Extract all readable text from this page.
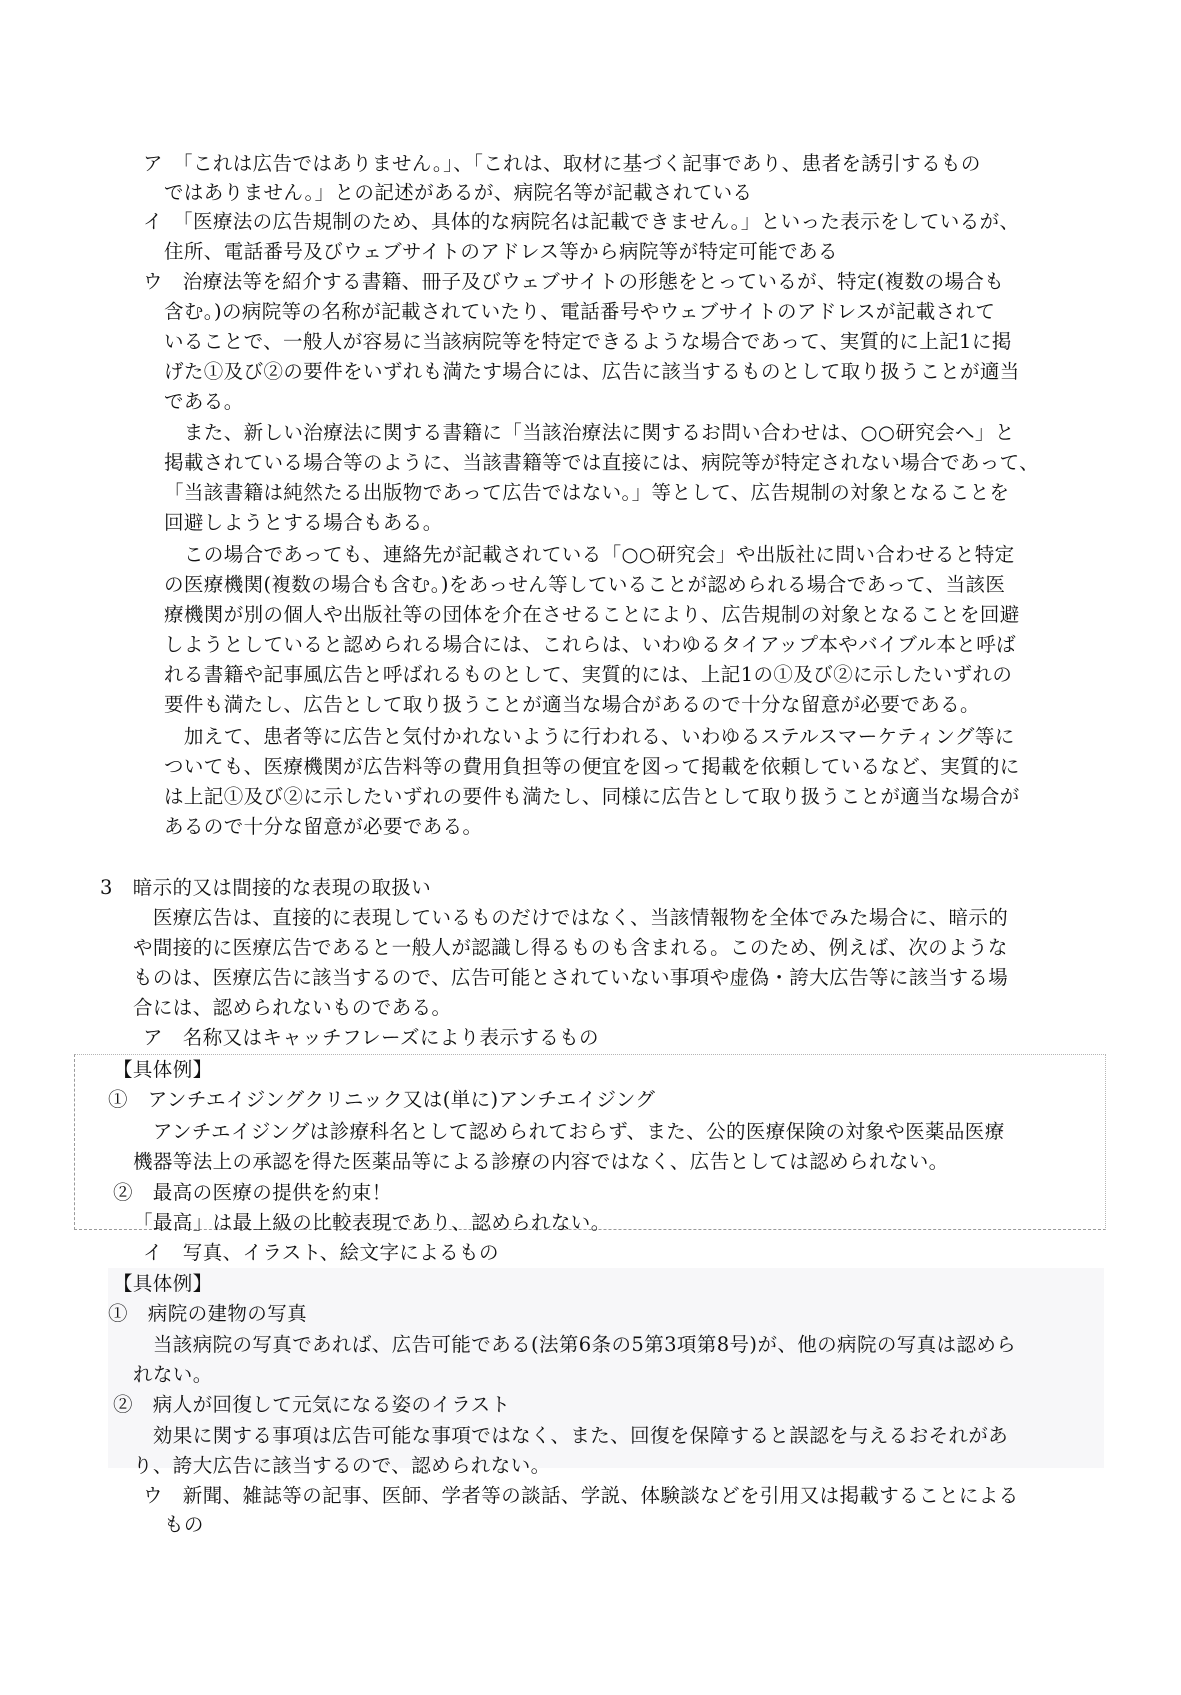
ア　「これは広告ではありません。」、「これは、取材に基づく記事であり、患者を誘引するもの

ではありません。」との記述があるが、病院名等が記載されている

イ　「医療法の広告規制のため、具体的な病院名は記載できません。」といった表示をしているが、

住所、電話番号及びウェブサイトのアドレス等から病院等が特定可能である

ウ　治療法等を紹介する書籍、冊子及びウェブサイトの形態をとっているが、特定(複数の場合も

含む。)の病院等の名称が記載されていたり、電話番号やウェブサイトのアドレスが記載されて

いることで、一般人が容易に当該病院等を特定できるような場合であって、実質的に上記1に掲

げた①及び②の要件をいずれも満たす場合には、広告に該当するものとして取り扱うことが適当

である。

　また、新しい治療法に関する書籍に「当該治療法に関するお問い合わせは、○○研究会へ」と

掲載されている場合等のように、当該書籍等では直接には、病院等が特定されない場合であって、

「当該書籍は純然たる出版物であって広告ではない。」等として、広告規制の対象となることを

回避しようとする場合もある。

　この場合であっても、連絡先が記載されている「○○研究会」や出版社に問い合わせると特定

の医療機関(複数の場合も含む。)をあっせん等していることが認められる場合であって、当該医

療機関が別の個人や出版社等の団体を介在させることにより、広告規制の対象となることを回避

しようとしていると認められる場合には、これらは、いわゆるタイアップ本やバイブル本と呼ば

れる書籍や記事風広告と呼ばれるものとして、実質的には、上記1の①及び②に示したいずれの

要件も満たし、広告として取り扱うことが適当な場合があるので十分な留意が必要である。

　加えて、患者等に広告と気付かれないように行われる、いわゆるステルスマーケティング等に

ついても、医療機関が広告料等の費用負担等の便宜を図って掲載を依頼しているなど、実質的に

は上記①及び②に示したいずれの要件も満たし、同様に広告として取り扱うことが適当な場合が

あるので十分な留意が必要である。

3　暗示的又は間接的な表現の取扱い

　医療広告は、直接的に表現しているものだけではなく、当該情報物を全体でみた場合に、暗示的

や間接的に医療広告であると一般人が認識し得るものも含まれる。このため、例えば、次のような

ものは、医療広告に該当するので、広告可能とされていない事項や虚偽・誇大広告等に該当する場

合には、認められないものである。

ア　名称又はキャッチフレーズにより表示するもの

【具体例】

①　アンチエイジングクリニック又は(単に)アンチエイジング

　アンチエイジングは診療科名として認められておらず、また、公的医療保険の対象や医薬品医療

機器等法上の承認を得た医薬品等による診療の内容ではなく、広告としては認められない。

②　最高の医療の提供を約束！

「最高」は最上級の比較表現であり、認められない。

イ　写真、イラスト、絵文字によるもの

【具体例】

①　病院の建物の写真

　当該病院の写真であれば、広告可能である(法第6条の5第3項第8号)が、他の病院の写真は認めら

れない。

②　病人が回復して元気になる姿のイラスト

　効果に関する事項は広告可能な事項ではなく、また、回復を保障すると誤認を与えるおそれがあ

り、誇大広告に該当するので、認められない。

ウ　新聞、雑誌等の記事、医師、学者等の談話、学説、体験談などを引用又は掲載することによる

もの
